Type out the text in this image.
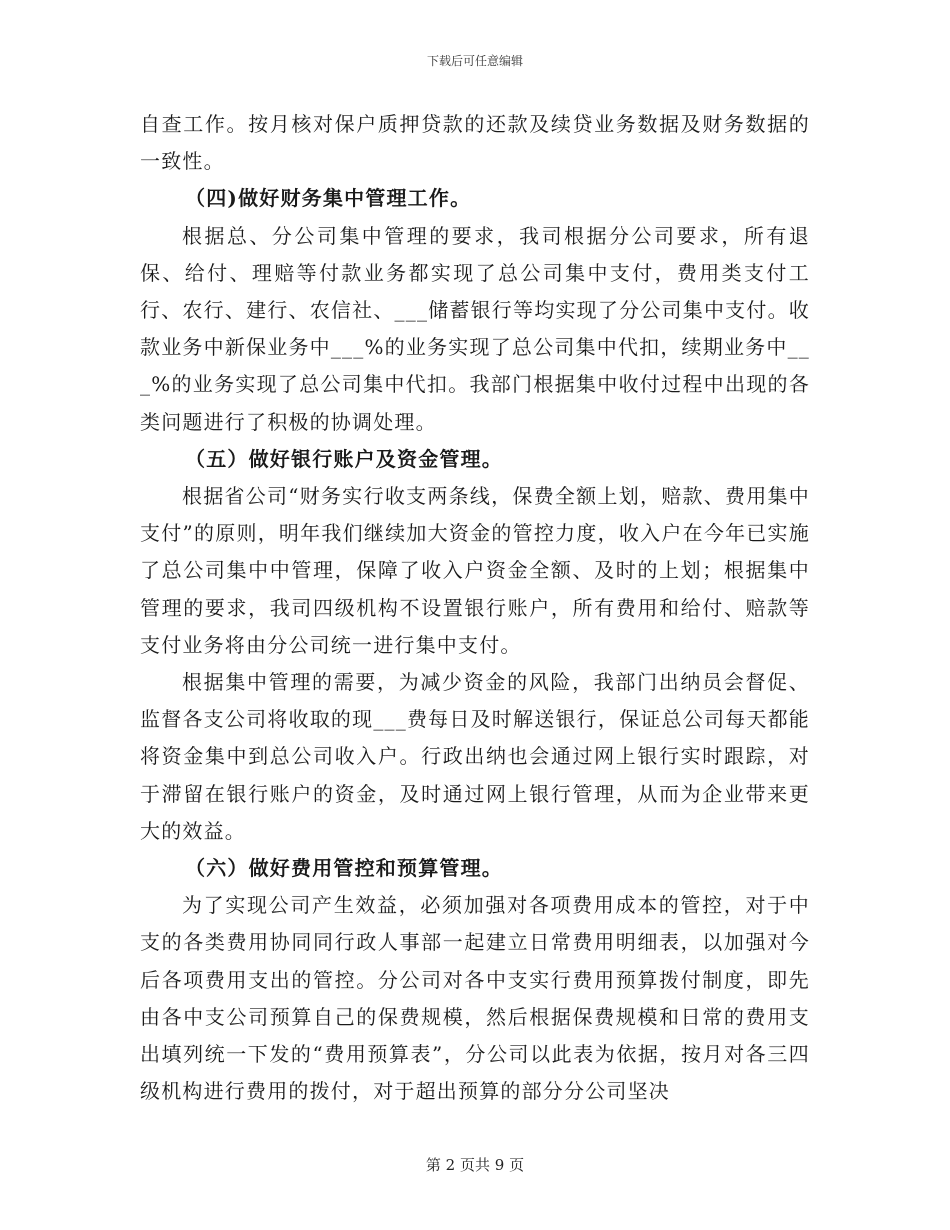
下载后可任意编辑

自查工作。按月核对保户质押贷款的还款及续贷业务数据及财务数据的一致性。

（四)做好财务集中管理工作。

根据总、分公司集中管理的要求，我司根据分公司要求，所有退保、给付、理赔等付款业务都实现了总公司集中支付，费用类支付工行、农行、建行、农信社、___储蓄银行等均实现了分公司集中支付。收款业务中新保业务中___%的业务实现了总公司集中代扣，续期业务中___%的业务实现了总公司集中代扣。我部门根据集中收付过程中出现的各类问题进行了积极的协调处理。

（五）做好银行账户及资金管理。

根据省公司“财务实行收支两条线，保费全额上划，赔款、费用集中支付”的原则，明年我们继续加大资金的管控力度，收入户在今年已实施了总公司集中中管理，保障了收入户资金全额、及时的上划；根据集中管理的要求，我司四级机构不设置银行账户，所有费用和给付、赔款等支付业务将由分公司统一进行集中支付。

根据集中管理的需要，为减少资金的风险，我部门出纳员会督促、监督各支公司将收取的现___费每日及时解送银行，保证总公司每天都能将资金集中到总公司收入户。行政出纳也会通过网上银行实时跟踪，对于滞留在银行账户的资金，及时通过网上银行管理，从而为企业带来更大的效益。

（六）做好费用管控和预算管理。

为了实现公司产生效益，必须加强对各项费用成本的管控，对于中支的各类费用协同同行政人事部一起建立日常费用明细表，以加强对今后各项费用支出的管控。分公司对各中支实行费用预算拨付制度，即先由各中支公司预算自己的保费规模，然后根据保费规模和日常的费用支出填列统一下发的“费用预算表”，分公司以此表为依据，按月对各三四级机构进行费用的拨付，对于超出预算的部分分公司坚决

第 2 页共 9 页
